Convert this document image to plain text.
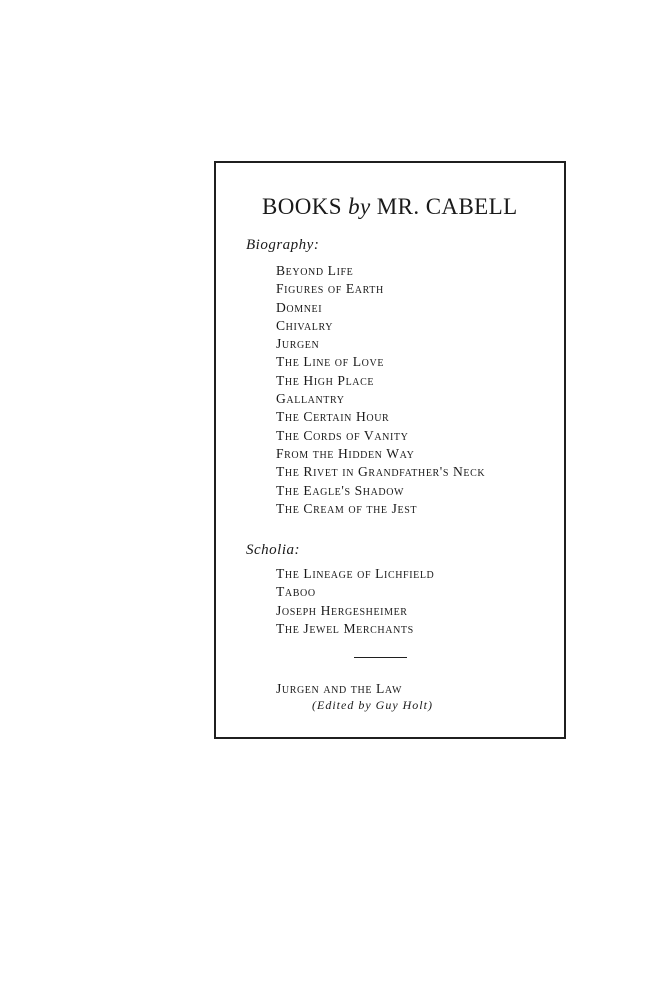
BOOKS by MR. CABELL

Biography:

Beyond Life
Figures of Earth
Domnei
Chivalry
Jurgen
The Line of Love
The High Place
Gallantry
The Certain Hour
The Cords of Vanity
From the Hidden Way
The Rivet in Grandfather's Neck
The Eagle's Shadow
The Cream of the Jest

Scholia:

The Lineage of Lichfield
Taboo
Joseph Hergesheimer
The Jewel Merchants

Jurgen and the Law

(Edited by Guy Holt)
